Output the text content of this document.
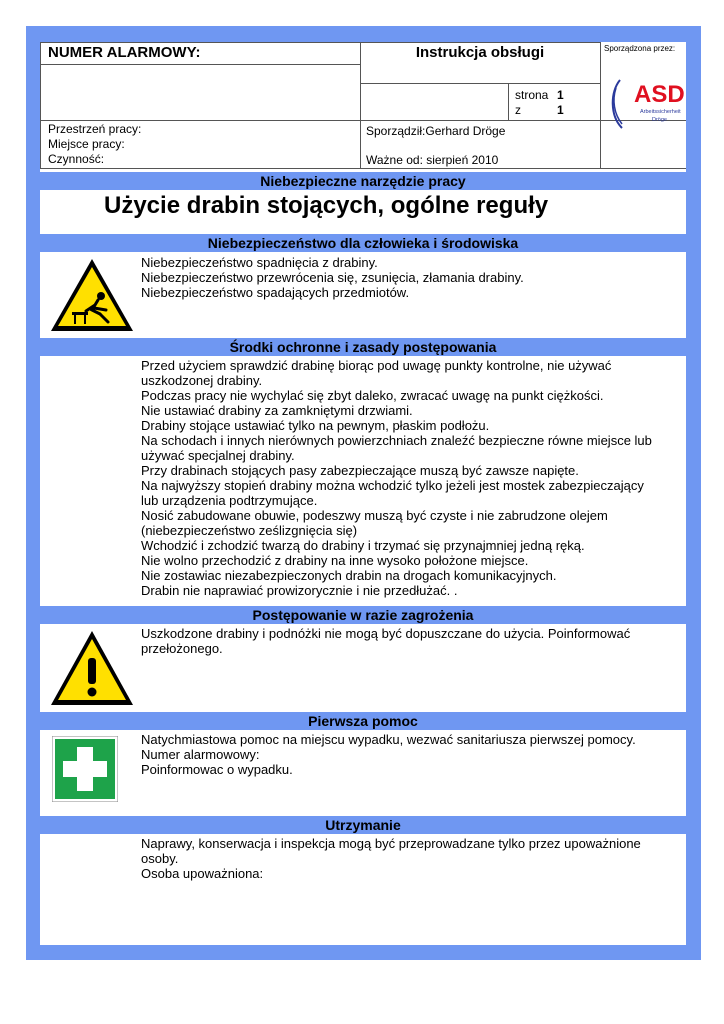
NUMER ALARMOWY:	Instrukcja obsługi	Sporządzona przez:
strona 1
z	1
Przestrzeń pracy:
Miejsce pracy:
Czynność:
Sporządził:Gerhard Dröge
Ważne od: sierpień 2010
ASD
Arbeitssicherheit
Dröge
Niebezpieczne narzędzie pracy
Użycie drabin stojących, ogólne reguły
Niebezpieczeństwo dla człowieka i środowiska

Niebezpieczeństwo spadnięcia z drabiny.

Niebezpieczeństwo przewrócenia się, zsunięcia, złamania drabiny.

Niebezpieczeństwo spadających przedmiotów.

Środki ochronne i zasady postępowania

Przed użyciem sprawdzić drabinę biorąc pod uwagę punkty kontrolne, nie używać

uszkodzonej drabiny.

Podczas pracy nie wychylać się zbyt daleko, zwracać uwagę na punkt ciężkości.

Nie ustawiać drabiny za zamkniętymi drzwiami.

Drabiny stojące ustawiać tylko na pewnym, płaskim podłożu.

Na schodach i innych nierównych powierzchniach znaleźć bezpieczne równe miejsce lub

używać specjalnej drabiny.

Przy drabinach stojących pasy zabezpieczające muszą być zawsze napięte.

Na najwyższy stopień drabiny można wchodzić tylko jeżeli jest mostek zabezpieczający

lub urządzenia podtrzymujące.

Nosić zabudowane obuwie, podeszwy muszą być czyste i nie zabrudzone olejem

(niebezpieczeństwo ześlizgnięcia się)

Wchodzić i zchodzić twarzą do drabiny i trzymać się przynajmniej jedną ręką.

Nie wolno przechodzić z drabiny na inne wysoko położone miejsce.

Nie zostawiac niezabezpieczonych drabin na drogach komunikacyjnych.

Drabin nie naprawiać prowizorycznie i nie przedłużać. .

Postępowanie w razie zagrożenia

Uszkodzone drabiny i podnóżki nie mogą być dopuszczane do użycia. Poinformować

przełożonego.

Pierwsza pomoc

Natychmiastowa pomoc na miejscu wypadku, wezwać sanitariusza pierwszej pomocy.

Numer alarmowowy:

Poinformowac o wypadku.

Utrzymanie

Naprawy, konserwacja i inspekcja mogą być przeprowadzane tylko przez upoważnione

osoby.

Osoba upoważniona:
